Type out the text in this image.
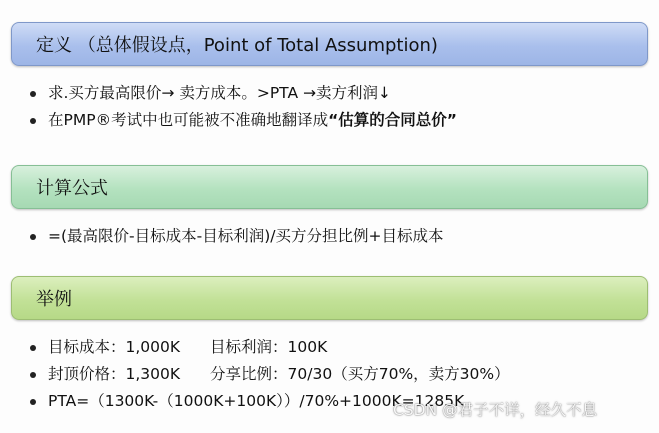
定义 （总体假设点，Point of Total Assumption)
求.买方最高限价→ 卖方成本。>PTA →卖方利润↓
在PMP®考试中也可能被不准确地翻译成“估算的合同总价”
计算公式
=(最高限价-目标成本-目标利润)/买方分担比例+目标成本
举例
目标成本：1,000K 目标利润：100K
封顶价格：1,300K 分享比例：70/30（买方70%，卖方30%）
PTA=（1300K-（1000K+100K））/70%+1000K=1285K
CSDN @君子不详，经久不息
